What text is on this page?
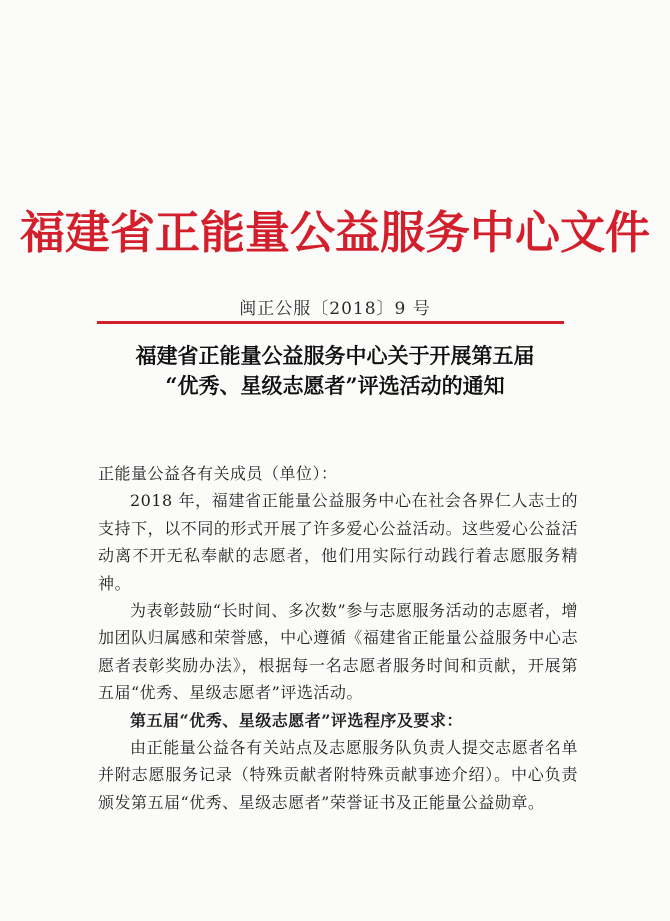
福建省正能量公益服务中心文件
闽正公服〔2018〕9 号
福建省正能量公益服务中心关于开展第五届
“优秀、星级志愿者”评选活动的通知

正能量公益各有关成员（单位）：

2018 年，福建省正能量公益服务中心在社会各界仁人志士的支持下，以不同的形式开展了许多爱心公益活动。这些爱心公益活动离不开无私奉献的志愿者，他们用实际行动践行着志愿服务精神。

为表彰鼓励“长时间、多次数”参与志愿服务活动的志愿者，增加团队归属感和荣誉感，中心遵循《福建省正能量公益服务中心志愿者表彰奖励办法》，根据每一名志愿者服务时间和贡献，开展第五届“优秀、星级志愿者”评选活动。

第五届“优秀、星级志愿者”评选程序及要求：

由正能量公益各有关站点及志愿服务队负责人提交志愿者名单并附志愿服务记录（特殊贡献者附特殊贡献事迹介绍）。中心负责颁发第五届“优秀、星级志愿者”荣誉证书及正能量公益勋章。
